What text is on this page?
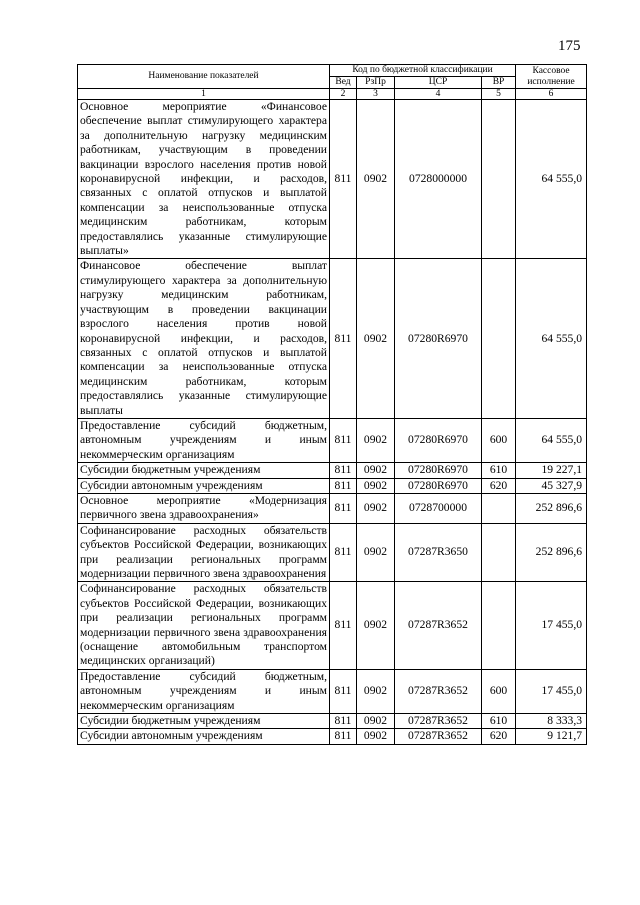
175
Наименование показателей	Код по бюджетной классификации				Кассовое исполнение
	Вед	РзПр	ЦСР	ВР	
1	2	3	4	5	6
Основное мероприятие «Финансовое обеспечение выплат стимулирующего характера за дополнительную нагрузку медицинским работникам, участвующим в проведении вакцинации взрослого населения против новой коронавирусной инфекции, и расходов, связанных с оплатой отпусков и выплатой компенсации за неиспользованные отпуска медицинским работникам, которым предоставлялись указанные стимулирующие выплаты»	811	0902	0728000000		64 555,0
Финансовое обеспечение выплат стимулирующего характера за дополнительную нагрузку медицинским работникам, участвующим в проведении вакцинации взрослого населения против новой коронавирусной инфекции, и расходов, связанных с оплатой отпусков и выплатой компенсации за неиспользованные отпуска медицинским работникам, которым предоставлялись указанные стимулирующие выплаты	811	0902	07280R6970		64 555,0
Предоставление субсидий бюджетным, автономным учреждениям и иным некоммерческим организациям	811	0902	07280R6970	600	64 555,0
Субсидии бюджетным учреждениям	811	0902	07280R6970	610	19 227,1
Субсидии автономным учреждениям	811	0902	07280R6970	620	45 327,9
Основное мероприятие «Модернизация первичного звена здравоохранения»	811	0902	0728700000		252 896,6
Софинансирование расходных обязательств субъектов Российской Федерации, возникающих при реализации региональных программ модернизации первичного звена здравоохранения	811	0902	07287R3650		252 896,6
Софинансирование расходных обязательств субъектов Российской Федерации, возникающих при реализации региональных программ модернизации первичного звена здравоохранения (оснащение автомобильным транспортом медицинских организаций)	811	0902	07287R3652		17 455,0
Предоставление субсидий бюджетным, автономным учреждениям и иным некоммерческим организациям	811	0902	07287R3652	600	17 455,0
Субсидии бюджетным учреждениям	811	0902	07287R3652	610	8 333,3
Субсидии автономным учреждениям	811	0902	07287R3652	620	9 121,7
